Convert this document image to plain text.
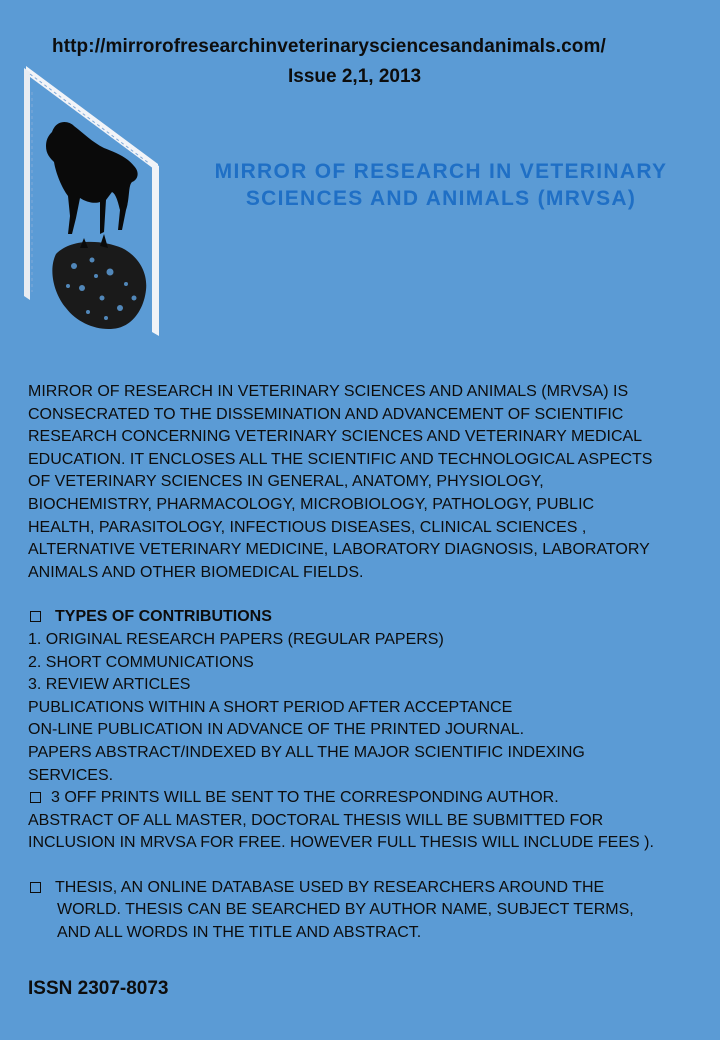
http://mirrorofresearchinveterinarysciencesandanimals.com/
Issue 2,1, 2013
MIRROR OF RESEARCH IN VETERINARY
SCIENCES AND ANIMALS (MRVSA)
MIRROR OF RESEARCH IN VETERINARY SCIENCES AND ANIMALS (MRVSA) IS
CONSECRATED TO THE DISSEMINATION AND ADVANCEMENT OF SCIENTIFIC
RESEARCH CONCERNING VETERINARY SCIENCES AND VETERINARY MEDICAL
EDUCATION. IT ENCLOSES ALL THE SCIENTIFIC AND TECHNOLOGICAL ASPECTS
OF VETERINARY SCIENCES IN GENERAL, ANATOMY, PHYSIOLOGY,
BIOCHEMISTRY, PHARMACOLOGY, MICROBIOLOGY, PATHOLOGY, PUBLIC
HEALTH, PARASITOLOGY, INFECTIOUS DISEASES, CLINICAL SCIENCES ,
ALTERNATIVE VETERINARY MEDICINE, LABORATORY DIAGNOSIS, LABORATORY
ANIMALS AND OTHER BIOMEDICAL FIELDS.
TYPES OF CONTRIBUTIONS
1. ORIGINAL RESEARCH PAPERS (REGULAR PAPERS)
2. SHORT COMMUNICATIONS
3. REVIEW ARTICLES
PUBLICATIONS WITHIN A SHORT PERIOD AFTER ACCEPTANCE
ON-LINE PUBLICATION IN ADVANCE OF THE PRINTED JOURNAL.
PAPERS ABSTRACT/INDEXED BY ALL THE MAJOR SCIENTIFIC INDEXING
SERVICES.
3 OFF PRINTS WILL BE SENT TO THE CORRESPONDING AUTHOR.
ABSTRACT OF ALL MASTER, DOCTORAL THESIS WILL BE SUBMITTED FOR
INCLUSION IN MRVSA FOR FREE. HOWEVER FULL THESIS WILL INCLUDE FEES ).
THESIS, AN ONLINE DATABASE USED BY RESEARCHERS AROUND THE
WORLD. THESIS CAN BE SEARCHED BY AUTHOR NAME, SUBJECT TERMS,
AND ALL WORDS IN THE TITLE AND ABSTRACT.
ISSN 2307-8073
